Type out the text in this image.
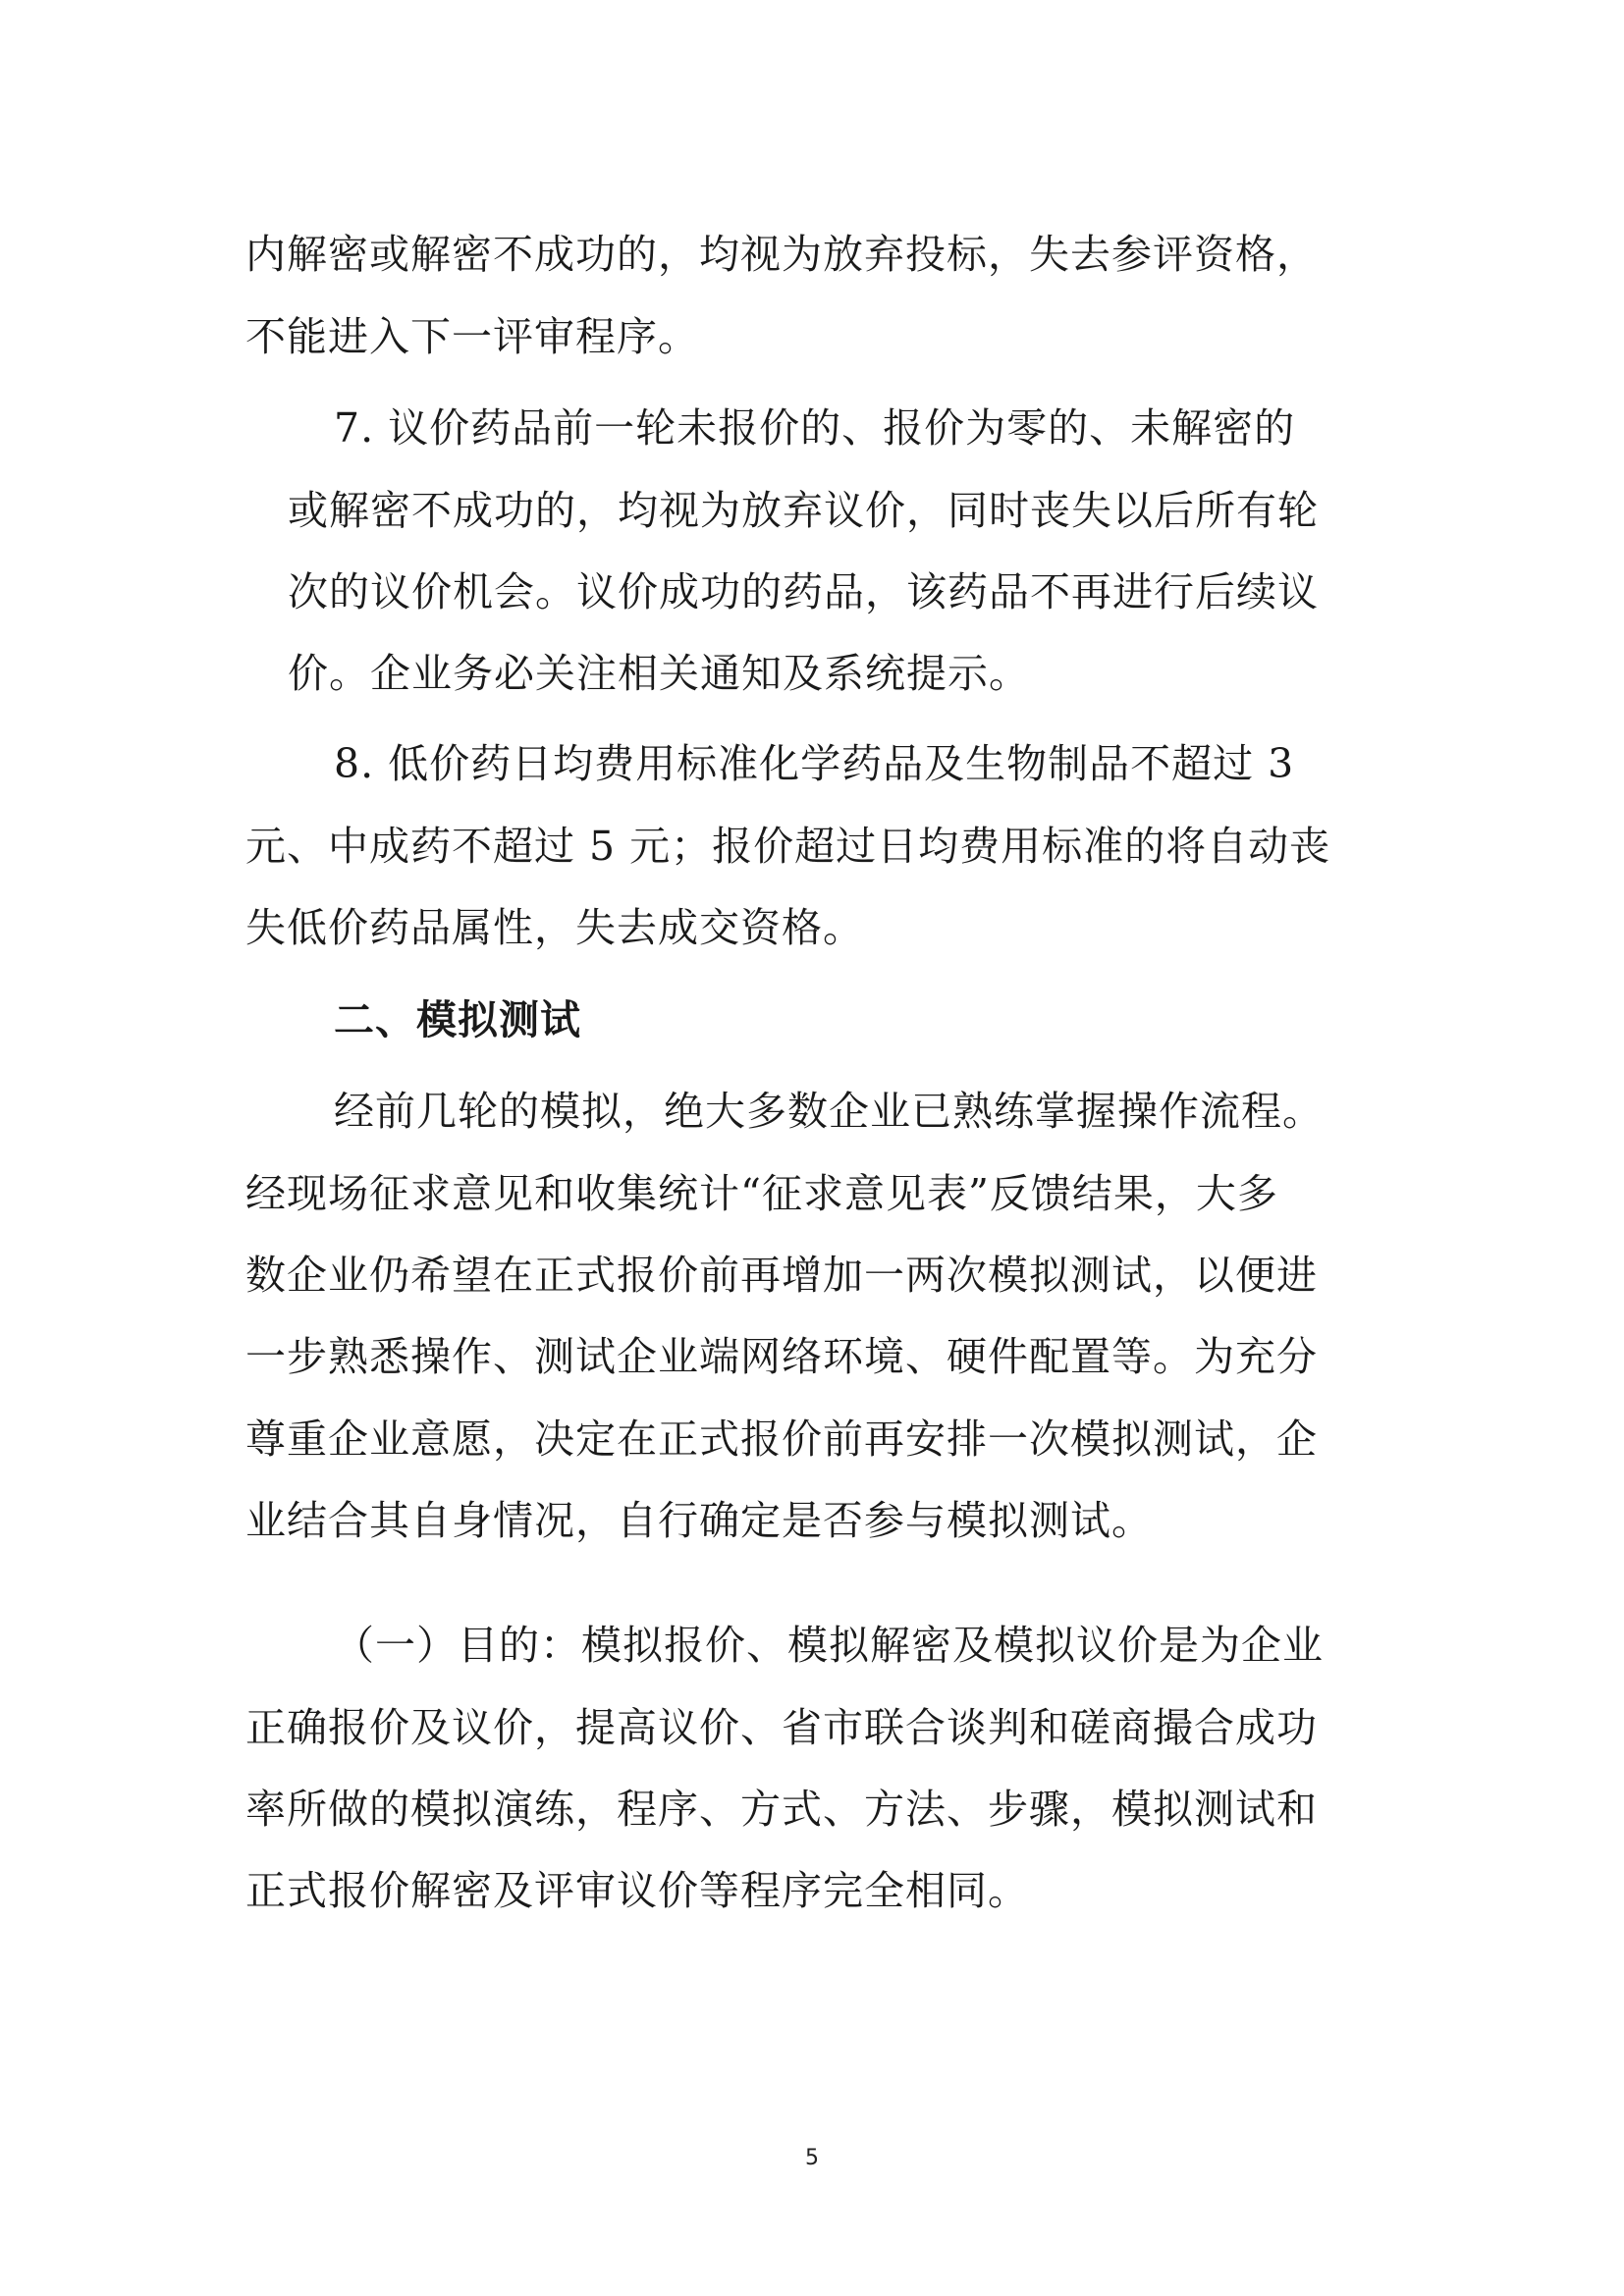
内解密或解密不成功的，均视为放弃投标，失去参评资格，
不能进入下一评审程序。
7. 议价药品前一轮未报价的、报价为零的、未解密的
或解密不成功的，均视为放弃议价，同时丧失以后所有轮
次的议价机会。议价成功的药品，该药品不再进行后续议
价。企业务必关注相关通知及系统提示。
8. 低价药日均费用标准化学药品及生物制品不超过 3
元、中成药不超过 5 元；报价超过日均费用标准的将自动丧
失低价药品属性，失去成交资格。
二、模拟测试
经前几轮的模拟，绝大多数企业已熟练掌握操作流程。
经现场征求意见和收集统计“征求意见表”反馈结果，大多
数企业仍希望在正式报价前再增加一两次模拟测试，以便进
一步熟悉操作、测试企业端网络环境、硬件配置等。为充分
尊重企业意愿，决定在正式报价前再安排一次模拟测试，企
业结合其自身情况，自行确定是否参与模拟测试。
（一）目的：模拟报价、模拟解密及模拟议价是为企业
正确报价及议价，提高议价、省市联合谈判和磋商撮合成功
率所做的模拟演练，程序、方式、方法、步骤，模拟测试和
正式报价解密及评审议价等程序完全相同。
5
